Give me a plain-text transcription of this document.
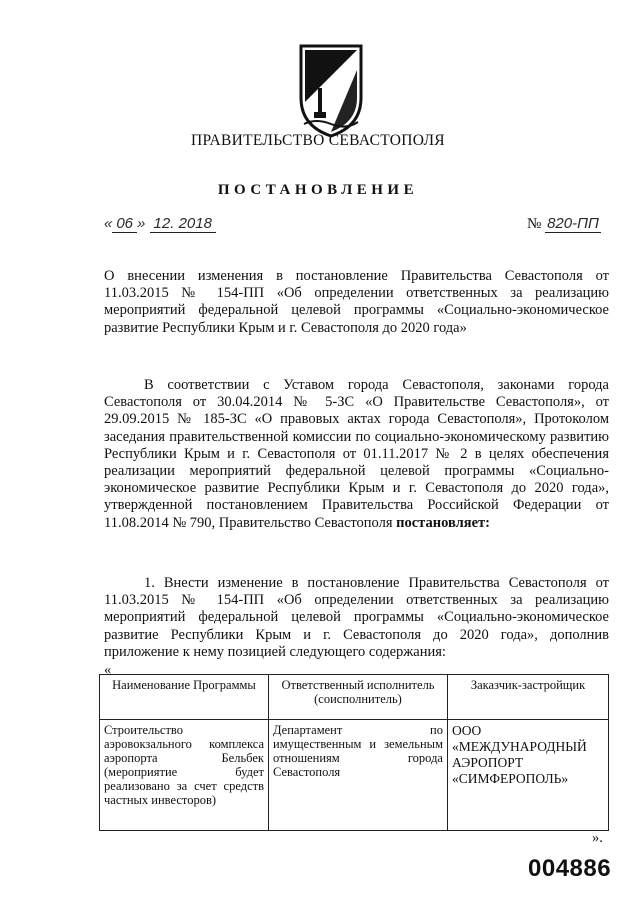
ПРАВИТЕЛЬСТВО СЕВАСТОПОЛЯ
ПОСТАНОВЛЕНИЕ
« 06 » 12. 2018	№ 820-ПП
О внесении изменения в постановление Правительства Севастополя от 11.03.2015 № 154-ПП «Об определении ответственных за реализацию мероприятий федеральной целевой программы «Социально-экономическое развитие Республики Крым и г. Севастополя до 2020 года»
В соответствии с Уставом города Севастополя, законами города Севастополя от 30.04.2014 № 5-ЗС «О Правительстве Севастополя», от 29.09.2015 № 185-ЗС «О правовых актах города Севастополя», Протоколом заседания правительственной комиссии по социально-экономическому развитию Республики Крым и г. Севастополя от 01.11.2017 № 2 в целях обеспечения реализации мероприятий федеральной целевой программы «Социально-экономическое развитие Республики Крым и г. Севастополя до 2020 года», утвержденной постановлением Правительства Российской Федерации от 11.08.2014 № 790, Правительство Севастополя постановляет:
1. Внести изменение в постановление Правительства Севастополя от 11.03.2015 № 154-ПП «Об определении ответственных за реализацию мероприятий федеральной целевой программы «Социально-экономическое развитие Республики Крым и г. Севастополя до 2020 года», дополнив приложение к нему позицией следующего содержания:
«
Наименование Программы	Ответственный исполнитель (соисполнитель)	Заказчик-застройщик
Строительство аэровокзального комплекса аэропорта Бельбек (мероприятие будет реализовано за счет средств частных инвесторов)	Департамент по имущественным и земельным отношениям города Севастополя	ООО «МЕЖДУНАРОДНЫЙ АЭРОПОРТ «СИМФЕРОПОЛЬ»
».
004886
